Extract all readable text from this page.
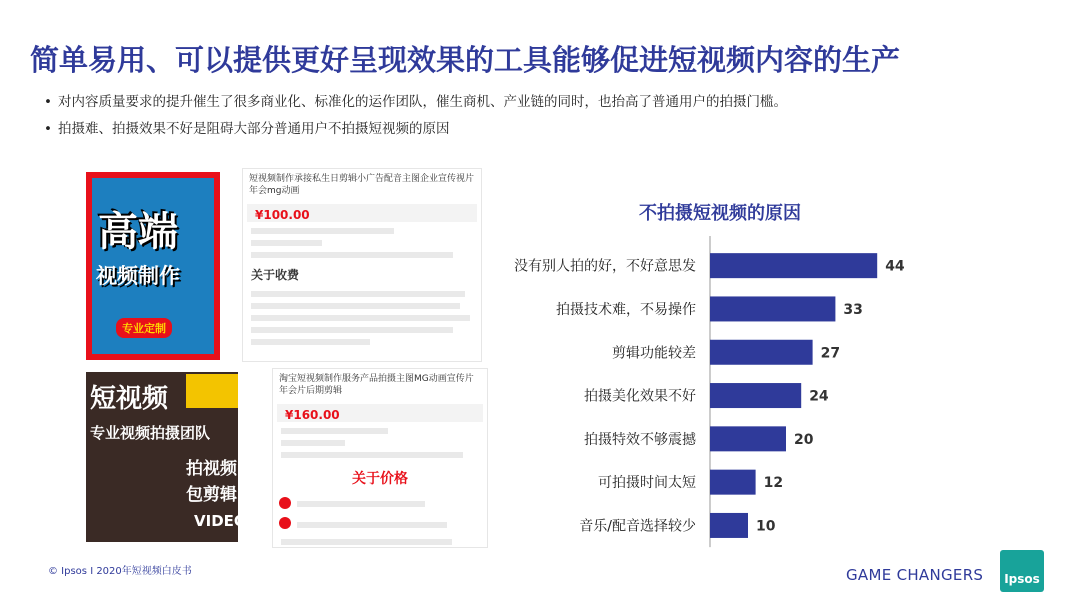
简单易用、可以提供更好呈现效果的工具能够促进短视频内容的生产
• 对内容质量要求的提升催生了很多商业化、标准化的运作团队，催生商机、产业链的同时，也抬高了普通用户的拍摄门槛。
• 拍摄难、拍摄效果不好是阻碍大部分普通用户不拍摄短视频的原因
高端
视频制作
专业定制
短视频制作承接私生日剪辑小广告配音主图企业宣传视片年会mg动画
¥100.00
关于收费
短视频
专业视频拍摄团队
拍视频
包剪辑
VIDEO
淘宝短视频制作服务产品拍摄主图MG动画宣传片年会片后期剪辑
¥160.00
关于价格
不拍摄短视频的原因
没有别人拍的好，不好意思发	44
拍摄技术难，不易操作	33
剪辑功能较差	27
拍摄美化效果不好	24
拍摄特效不够震撼	20
可拍摄时间太短	12
音乐/配音选择较少	10
© Ipsos I 2020年短视频白皮书	GAME CHANGERS	Ipsos
